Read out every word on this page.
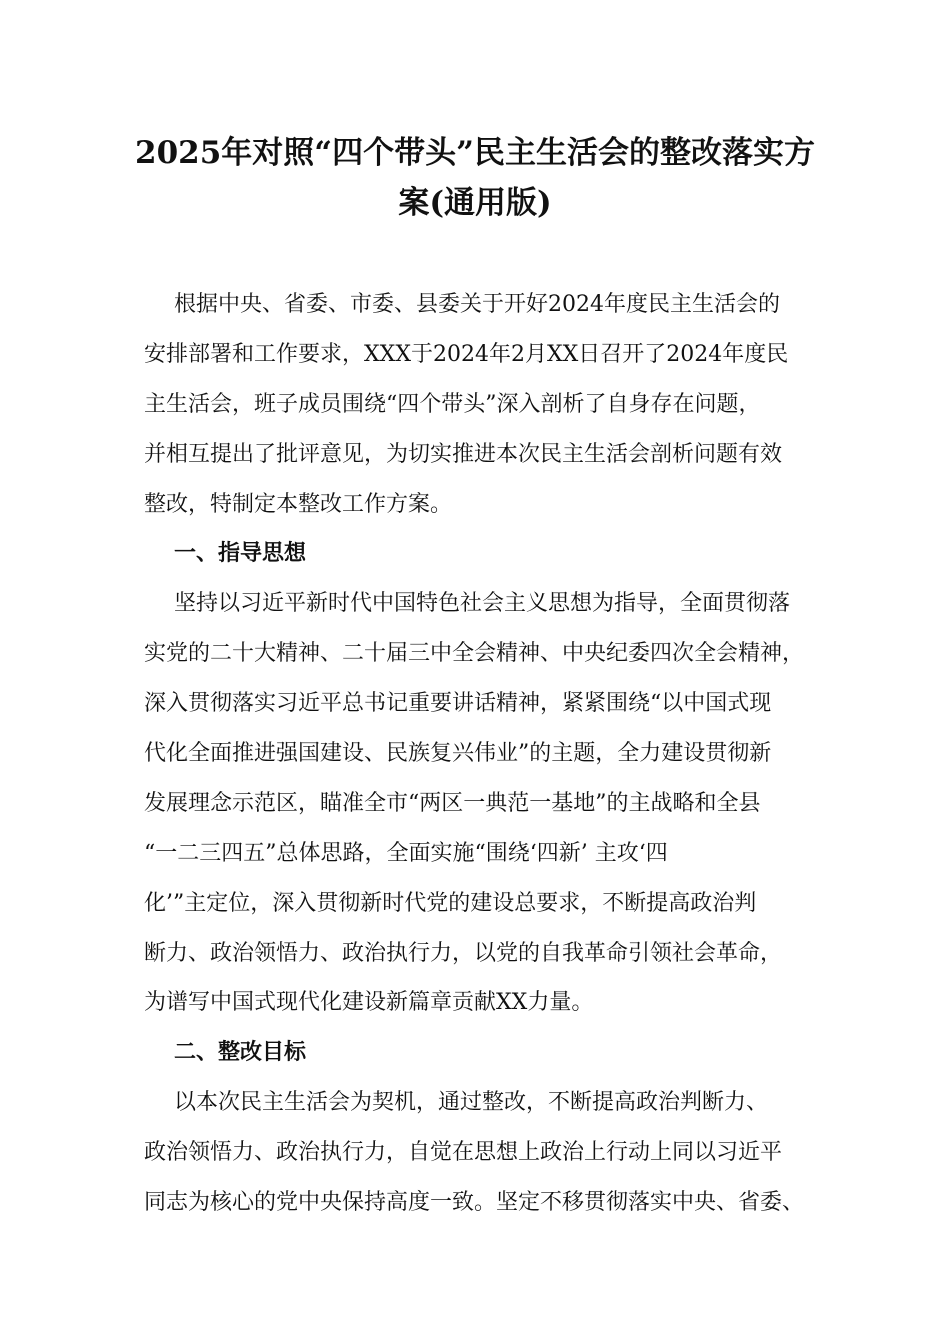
2025年对照“四个带头”民主生活会的整改落实方
案(通用版)
根据中央、省委、市委、县委关于开好2024年度民主生活会的
安排部署和工作要求，XXX于2024年2月XX日召开了2024年度民
主生活会，班子成员围绕“四个带头”深入剖析了自身存在问题，
并相互提出了批评意见，为切实推进本次民主生活会剖析问题有效
整改，特制定本整改工作方案。
一、指导思想
坚持以习近平新时代中国特色社会主义思想为指导，全面贯彻落
实党的二十大精神、二十届三中全会精神、中央纪委四次全会精神，
深入贯彻落实习近平总书记重要讲话精神，紧紧围绕“以中国式现
代化全面推进强国建设、民族复兴伟业”的主题，全力建设贯彻新
发展理念示范区，瞄准全市“两区一典范一基地”的主战略和全县
“一二三四五”总体思路，全面实施“围绕‘四新’ 主攻‘四
化’”主定位，深入贯彻新时代党的建设总要求，不断提高政治判
断力、政治领悟力、政治执行力，以党的自我革命引领社会革命，
为谱写中国式现代化建设新篇章贡献XX力量。
二、整改目标
以本次民主生活会为契机，通过整改，不断提高政治判断力、
政治领悟力、政治执行力，自觉在思想上政治上行动上同以习近平
同志为核心的党中央保持高度一致。坚定不移贯彻落实中央、省委、
